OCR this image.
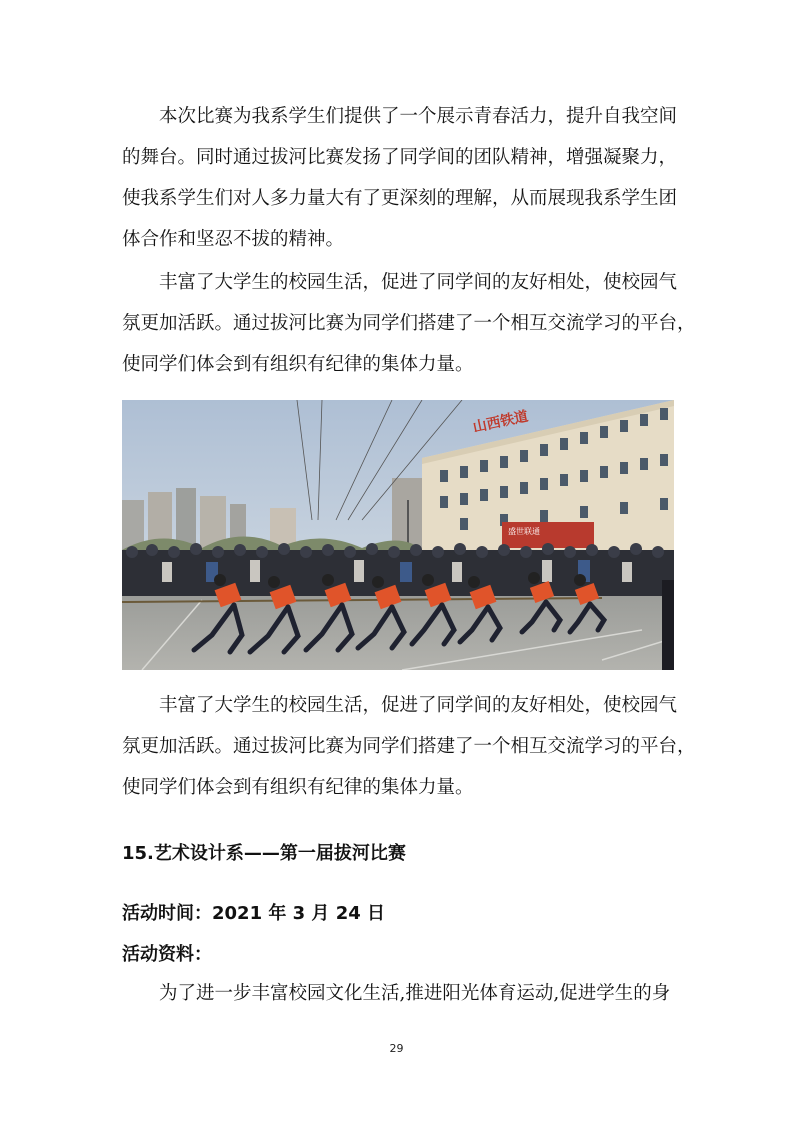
本次比赛为我系学生们提供了一个展示青春活力，提升自我空间
的舞台。同时通过拔河比赛发扬了同学间的团队精神，增强凝聚力，
使我系学生们对人多力量大有了更深刻的理解，从而展现我系学生团
体合作和坚忍不拔的精神。
丰富了大学生的校园生活，促进了同学间的友好相处，使校园气
氛更加活跃。通过拔河比赛为同学们搭建了一个相互交流学习的平台，
使同学们体会到有组织有纪律的集体力量。
山西铁道
盛世联通
丰富了大学生的校园生活，促进了同学间的友好相处，使校园气
氛更加活跃。通过拔河比赛为同学们搭建了一个相互交流学习的平台，
使同学们体会到有组织有纪律的集体力量。
15.艺术设计系——第一届拔河比赛
活动时间：2021 年 3 月 24 日
活动资料：
为了进一步丰富校园文化生活,推进阳光体育运动,促进学生的身
29
